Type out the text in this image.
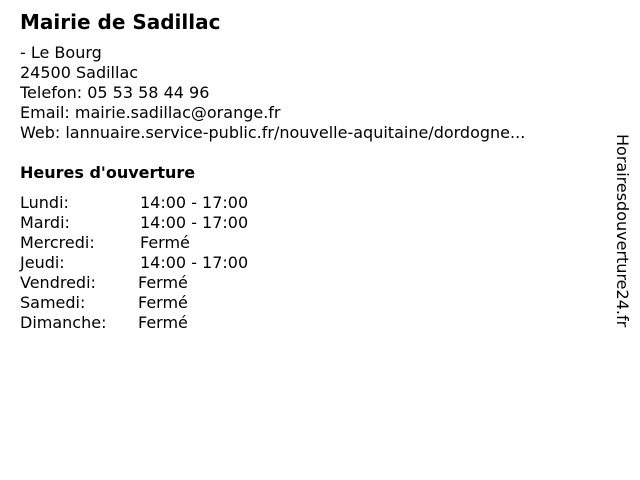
Mairie de Sadillac
- Le Bourg
24500 Sadillac
Telefon: 05 53 58 44 96
Email: mairie.sadillac@orange.fr
Web: lannuaire.service-public.fr/nouvelle-aquitaine/dordogne...
Heures d'ouverture
Lundi:	14:00 - 17:00
Mardi:	14:00 - 17:00
Mercredi:	Fermé
Jeudi:	14:00 - 17:00
Vendredi:	Fermé
Samedi:	Fermé
Dimanche:	Fermé	Horairesdouverture24.fr
